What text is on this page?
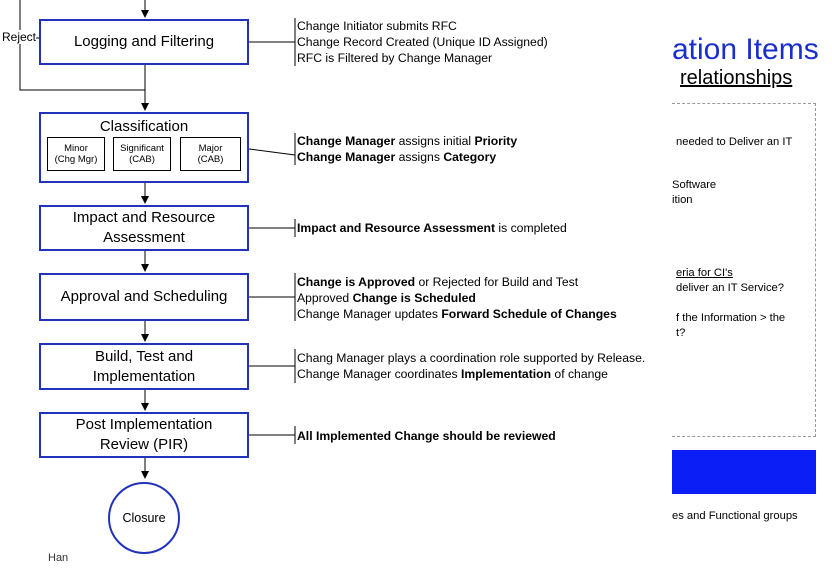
ation Items
relationships
needed to Deliver an IT
Software
ition
eria for CI's
deliver an IT Service?
f the Information > the
t?
es and Functional groups
Reject	Logging and Filtering
Classification
Minor
(Chg Mgr)
Significant
(CAB)
Major
(CAB)
Impact and Resource
Assessment
Approval and Scheduling
Build, Test and
Implementation
Post Implementation
Review (PIR)
Closure
Han
Change Initiator submits RFC
Change Record Created (Unique ID Assigned)
RFC is Filtered by Change Manager
Change Manager assigns initial Priority
Change Manager assigns Category
Impact and Resource Assessment is completed
Change is Approved or Rejected for Build and Test
Approved Change is Scheduled
Change Manager updates Forward Schedule of Changes
Chang Manager plays a coordination role supported by Release.
Change Manager coordinates Implementation of change
All Implemented Change should be reviewed
